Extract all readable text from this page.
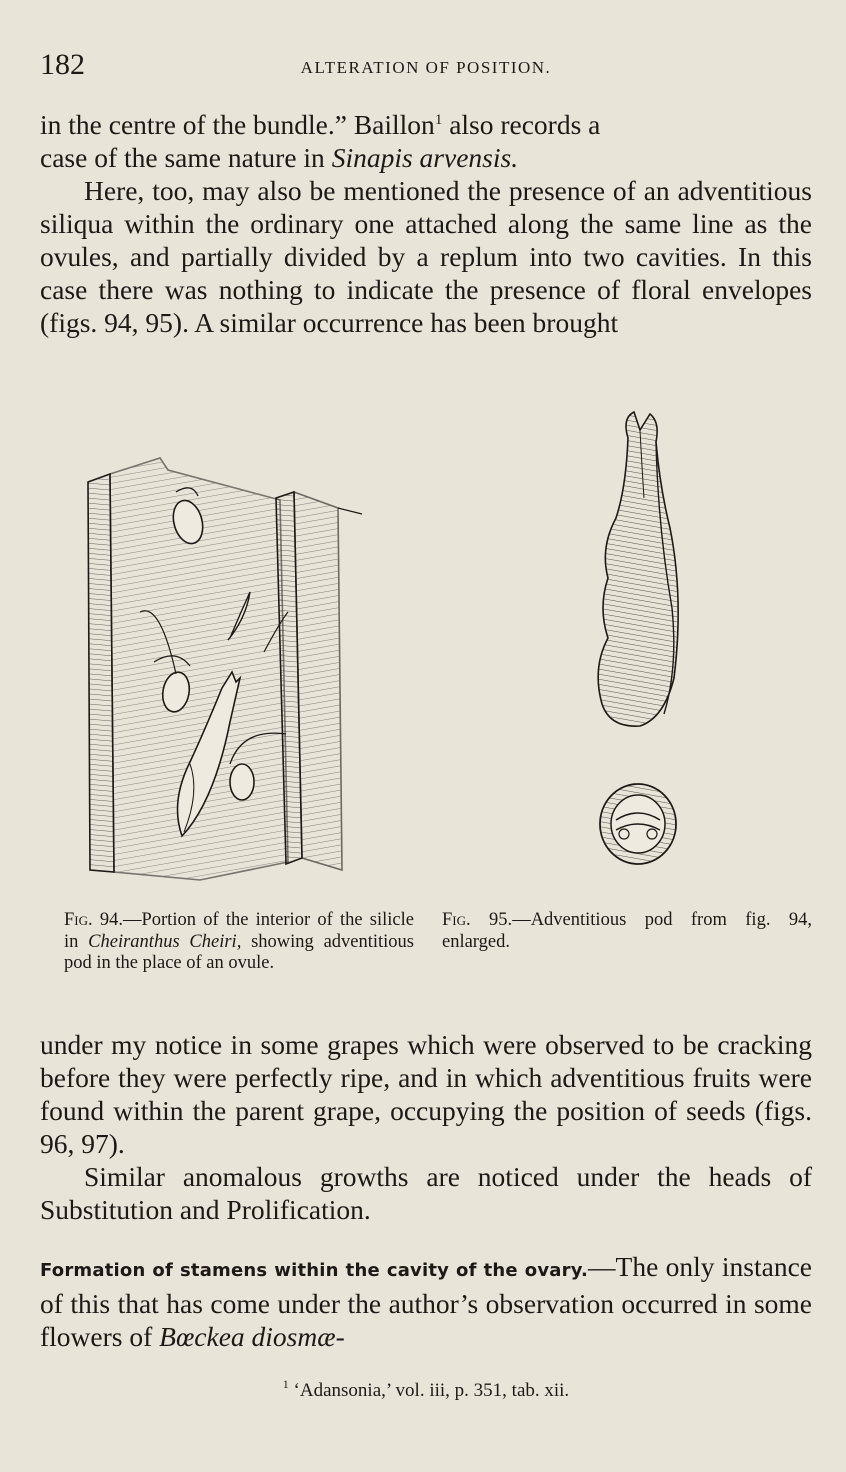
182	ALTERATION OF POSITION.

in the centre of the bundle.” Baillon$^1$ also records a
case of the same nature in Sinapis arvensis.

Here, too, may also be mentioned the presence of an adventitious siliqua within the ordinary one attached along the same line as the ovules, and partially divided by a replum into two cavities. In this case there was nothing to indicate the presence of floral envelopes (figs. 94, 95). A similar occurrence has been brought

Fig. 94.—Portion of the interior of the silicle in Cheiranthus Cheiri, showing adventitious pod in the place of an ovule.
Fig. 95.—Adventitious pod from fig. 94, enlarged.

under my notice in some grapes which were observed to be cracking before they were perfectly ripe, and in which adventitious fruits were found within the parent grape, occupying the position of seeds (figs. 96, 97).

Similar anomalous growths are noticed under the heads of Substitution and Prolification.

Formation of stamens within the cavity of the ovary.—The only instance of this that has come under the author’s observation occurred in some flowers of Bœckea diosmæ-

$^1$ ‘Adansonia,’ vol. iii, p. 351, tab. xii.
